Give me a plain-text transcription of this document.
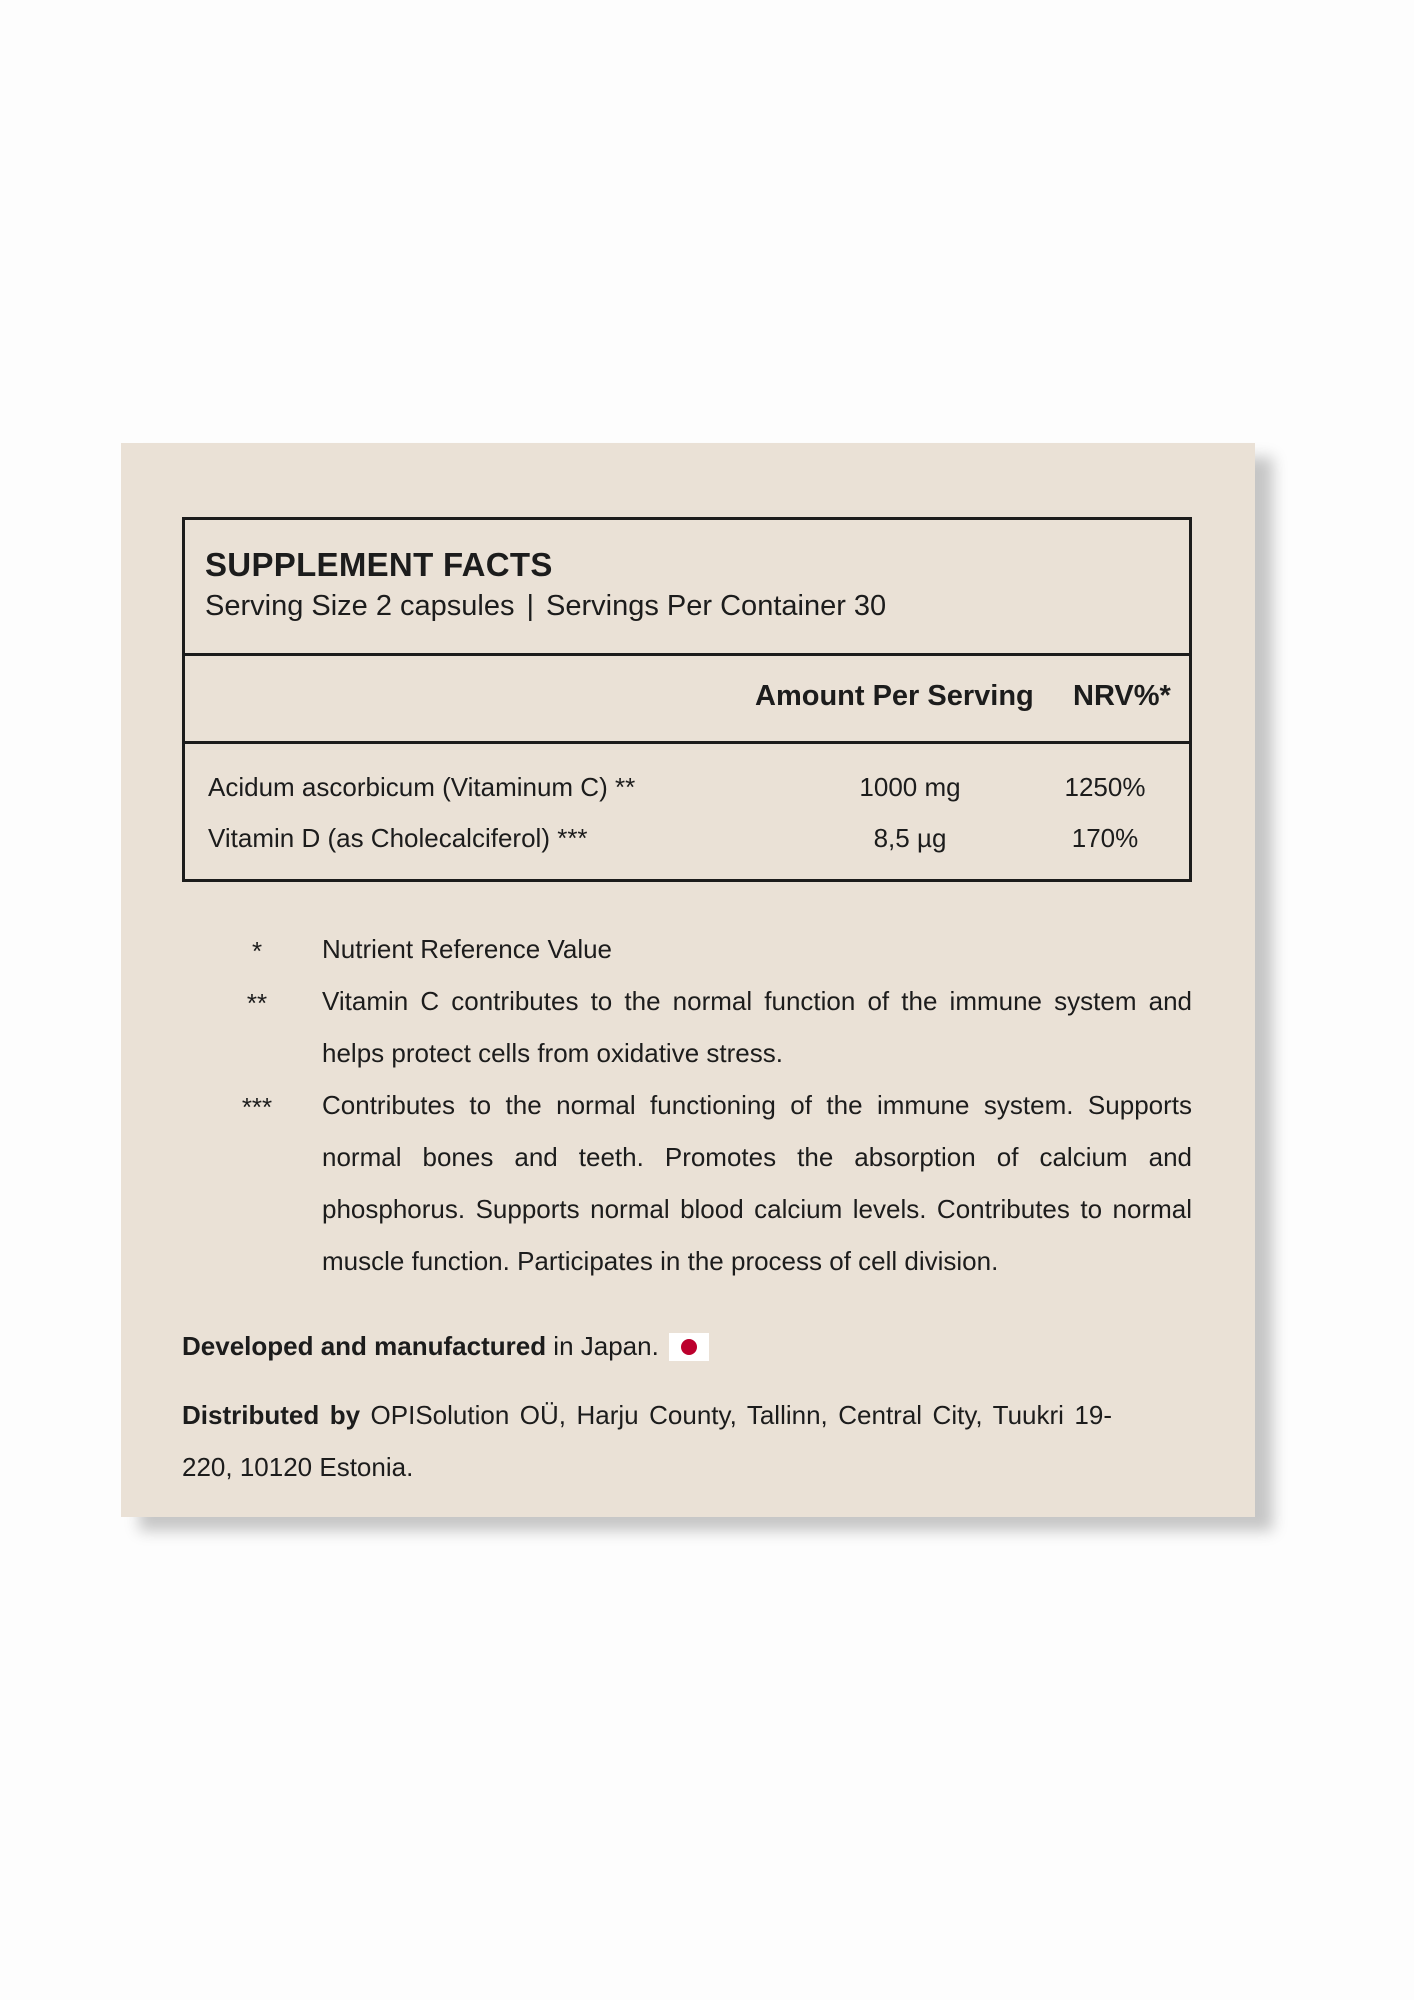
SUPPLEMENT FACTS
Serving Size 2 capsules | Servings Per Container 30
Amount Per Serving NRV%*
Acidum ascorbicum (Vitaminum C) **	1000 mg	1250%
Vitamin D (as Cholecalciferol) ***	8,5 µg	170%
*	Nutrient Reference Value
**	Vitamin C contributes to the normal function of the immune system and helps protect cells from oxidative stress.
***	Contributes to the normal functioning of the immune system. Supports normal bones and teeth. Promotes the absorption of calcium and phosphorus. Supports normal blood calcium levels. Contributes to normal muscle function. Participates in the process of cell division.
Developed and manufactured in Japan.
Distributed by OPISolution OÜ, Harju County, Tallinn, Central City, Tuukri 19-220, 10120 Estonia.
